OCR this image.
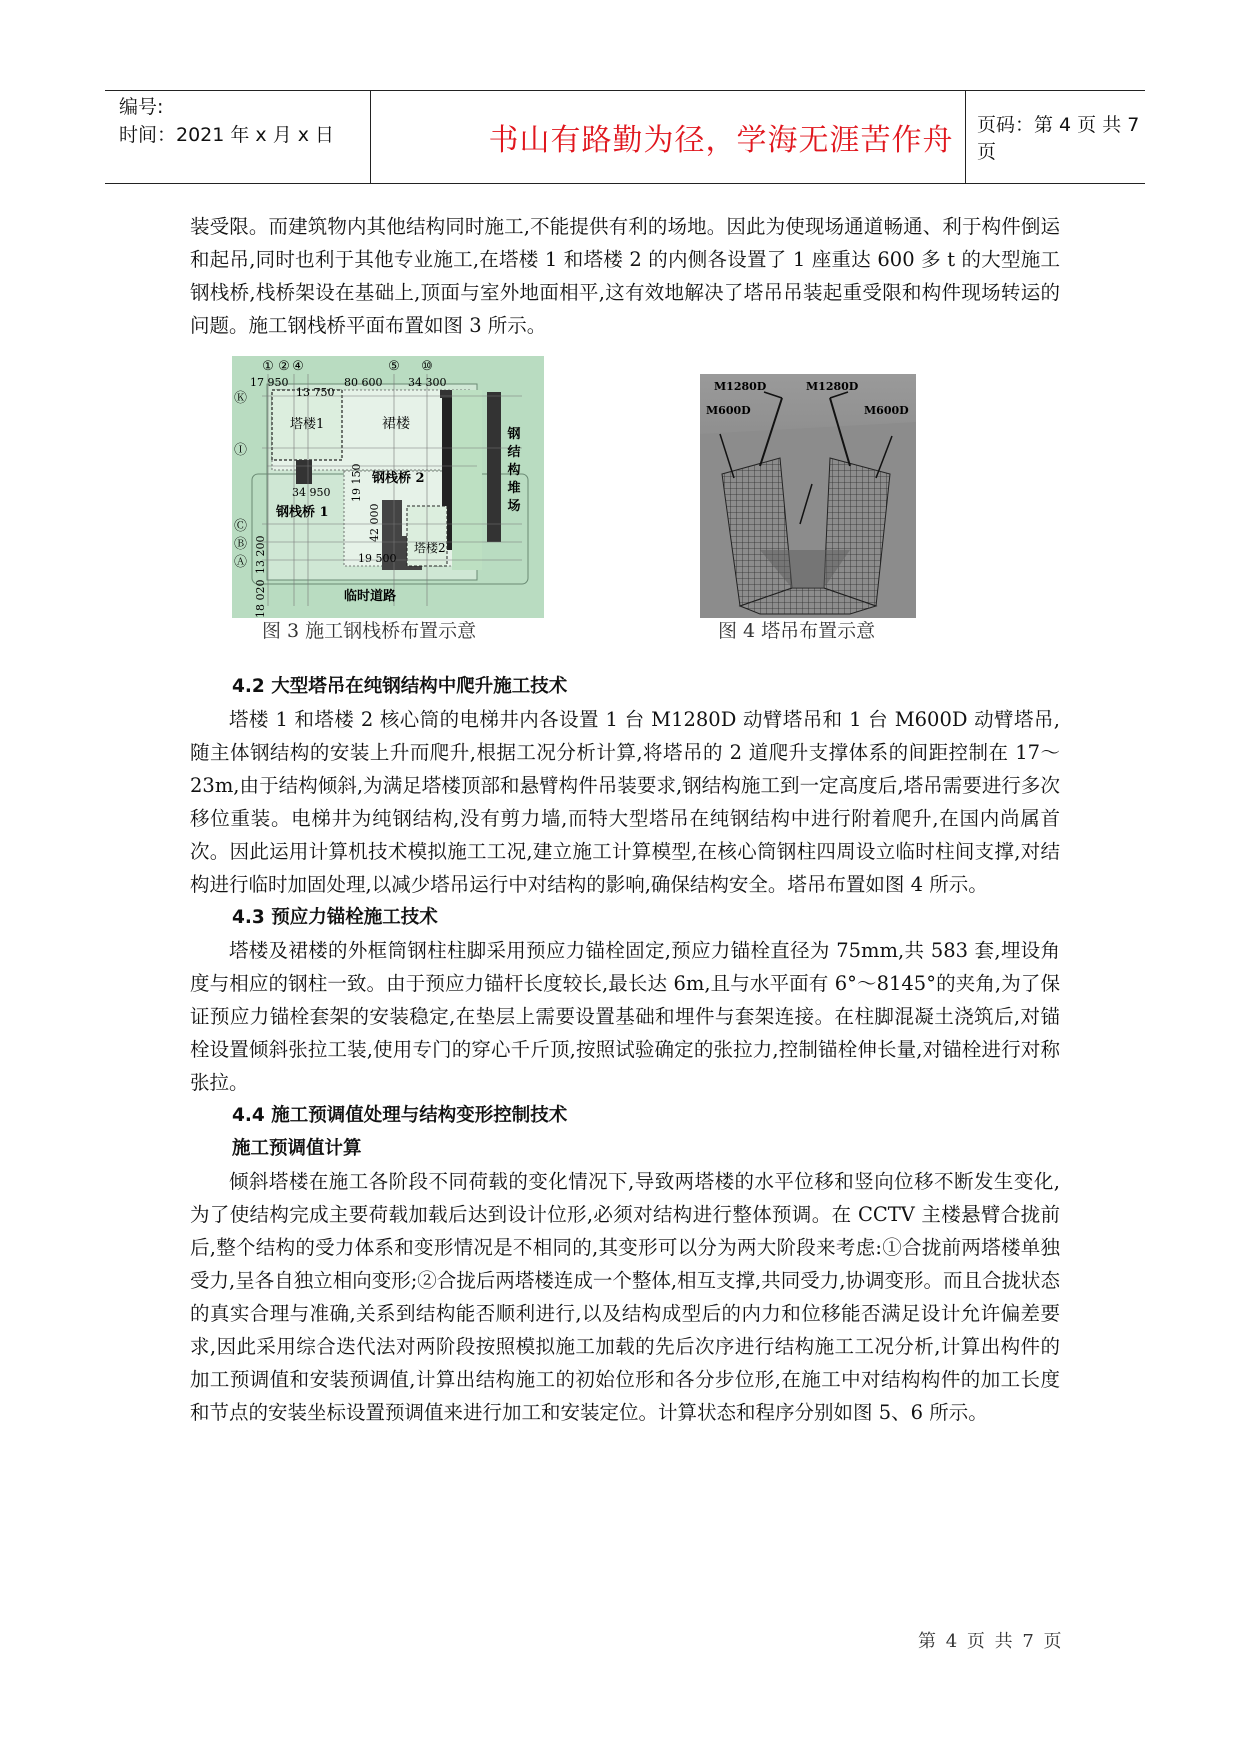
编号:
时间：2021 年 x 月 x 日	书山有路勤为径，学海无涯苦作舟	页码：第 4 页 共 7 页

装受限。而建筑物内其他结构同时施工,不能提供有利的场地。因此为使现场通道畅通、利于构件倒运和起吊,同时也利于其他专业施工,在塔楼 1 和塔楼 2 的内侧各设置了 1 座重达 600 多 t 的大型施工钢栈桥,栈桥架设在基础上,顶面与室外地面相平,这有效地解决了塔吊吊装起重受限和构件现场转运的问题。施工钢栈桥平面布置如图 3 所示。

① ② ④	⑤ ⑩
Ⓚ
Ⓘ
Ⓒ
Ⓑ
Ⓐ
17 950
13 750
80 600 34 300
34 950 19 150
42 000
13 200
18 020
19 500
塔楼1	裙楼
钢栈桥 1
钢栈桥 2
塔楼2
临时道路
钢
结
构
堆
场
图 3 施工钢栈桥布置示意
M1280D	M1280D
M600D	M600D
图 4 塔吊布置示意

4.2 大型塔吊在纯钢结构中爬升施工技术

塔楼 1 和塔楼 2 核心筒的电梯井内各设置 1 台 M1280D 动臂塔吊和 1 台 M600D 动臂塔吊,随主体钢结构的安装上升而爬升,根据工况分析计算,将塔吊的 2 道爬升支撑体系的间距控制在 17～23m,由于结构倾斜,为满足塔楼顶部和悬臂构件吊装要求,钢结构施工到一定高度后,塔吊需要进行多次移位重装。电梯井为纯钢结构,没有剪力墙,而特大型塔吊在纯钢结构中进行附着爬升,在国内尚属首次。因此运用计算机技术模拟施工工况,建立施工计算模型,在核心筒钢柱四周设立临时柱间支撑,对结构进行临时加固处理,以减少塔吊运行中对结构的影响,确保结构安全。塔吊布置如图 4 所示。

4.3 预应力锚栓施工技术

塔楼及裙楼的外框筒钢柱柱脚采用预应力锚栓固定,预应力锚栓直径为 75mm,共 583 套,埋设角度与相应的钢柱一致。由于预应力锚杆长度较长,最长达 6m,且与水平面有 6°～8145°的夹角,为了保证预应力锚栓套架的安装稳定,在垫层上需要设置基础和埋件与套架连接。在柱脚混凝土浇筑后,对锚栓设置倾斜张拉工装,使用专门的穿心千斤顶,按照试验确定的张拉力,控制锚栓伸长量,对锚栓进行对称张拉。

4.4 施工预调值处理与结构变形控制技术

施工预调值计算

倾斜塔楼在施工各阶段不同荷载的变化情况下,导致两塔楼的水平位移和竖向位移不断发生变化,为了使结构完成主要荷载加载后达到设计位形,必须对结构进行整体预调。在 CCTV 主楼悬臂合拢前后,整个结构的受力体系和变形情况是不相同的,其变形可以分为两大阶段来考虑:①合拢前两塔楼单独受力,呈各自独立相向变形;②合拢后两塔楼连成一个整体,相互支撑,共同受力,协调变形。而且合拢状态的真实合理与准确,关系到结构能否顺利进行,以及结构成型后的内力和位移能否满足设计允许偏差要求,因此采用综合迭代法对两阶段按照模拟施工加载的先后次序进行结构施工工况分析,计算出构件的加工预调值和安装预调值,计算出结构施工的初始位形和各分步位形,在施工中对结构构件的加工长度和节点的安装坐标设置预调值来进行加工和安装定位。计算状态和程序分别如图 5、6 所示。

第 4 页 共 7 页
